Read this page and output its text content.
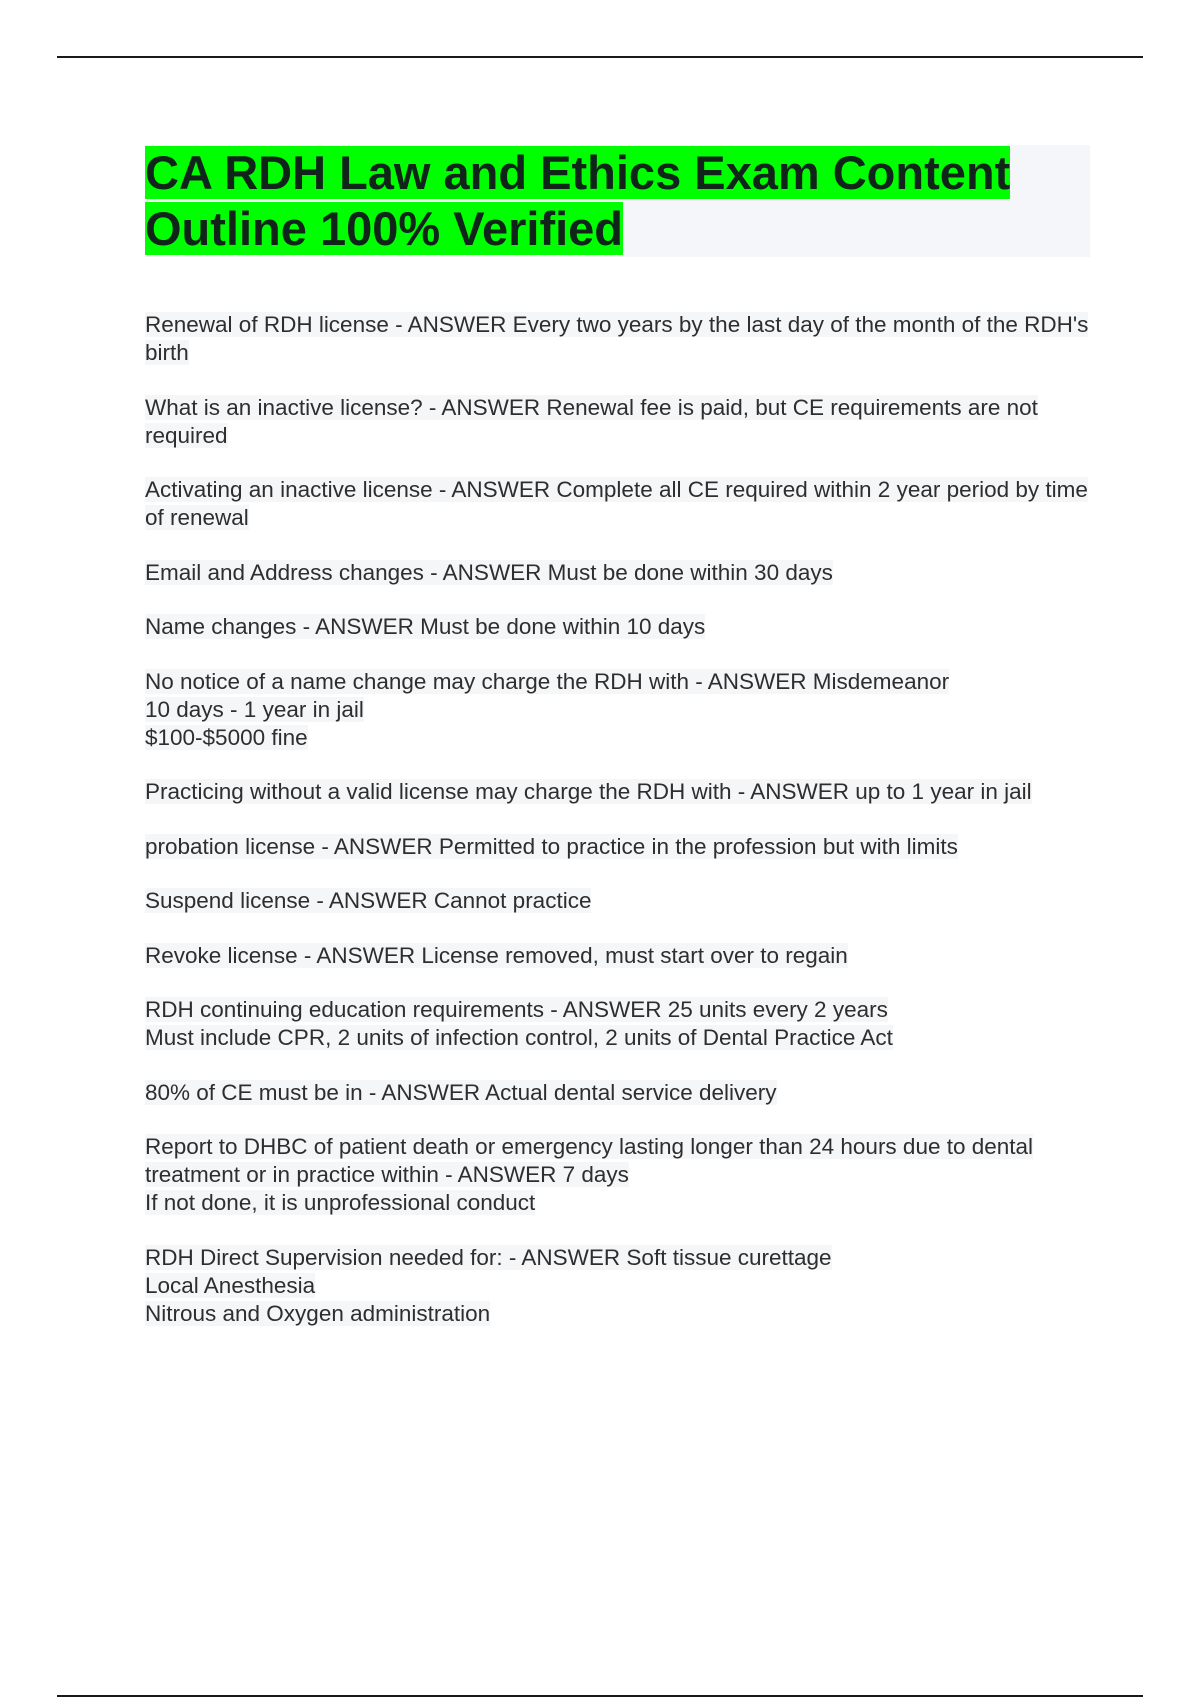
CA RDH Law and Ethics Exam Content
Outline 100% Verified

Renewal of RDH license - ANSWER Every two years by the last day of the month of the RDH's birth

What is an inactive license? - ANSWER Renewal fee is paid, but CE requirements are not required

Activating an inactive license - ANSWER Complete all CE required within 2 year period by time of renewal

Email and Address changes - ANSWER Must be done within 30 days

Name changes - ANSWER Must be done within 10 days

No notice of a name change may charge the RDH with - ANSWER Misdemeanor
10 days - 1 year in jail
$100-$5000 fine

Practicing without a valid license may charge the RDH with - ANSWER up to 1 year in jail

probation license - ANSWER Permitted to practice in the profession but with limits

Suspend license - ANSWER Cannot practice

Revoke license - ANSWER License removed, must start over to regain

RDH continuing education requirements - ANSWER 25 units every 2 years
Must include CPR, 2 units of infection control, 2 units of Dental Practice Act

80% of CE must be in - ANSWER Actual dental service delivery

Report to DHBC of patient death or emergency lasting longer than 24 hours due to dental treatment or in practice within - ANSWER 7 days
If not done, it is unprofessional conduct

RDH Direct Supervision needed for: - ANSWER Soft tissue curettage
Local Anesthesia
Nitrous and Oxygen administration
